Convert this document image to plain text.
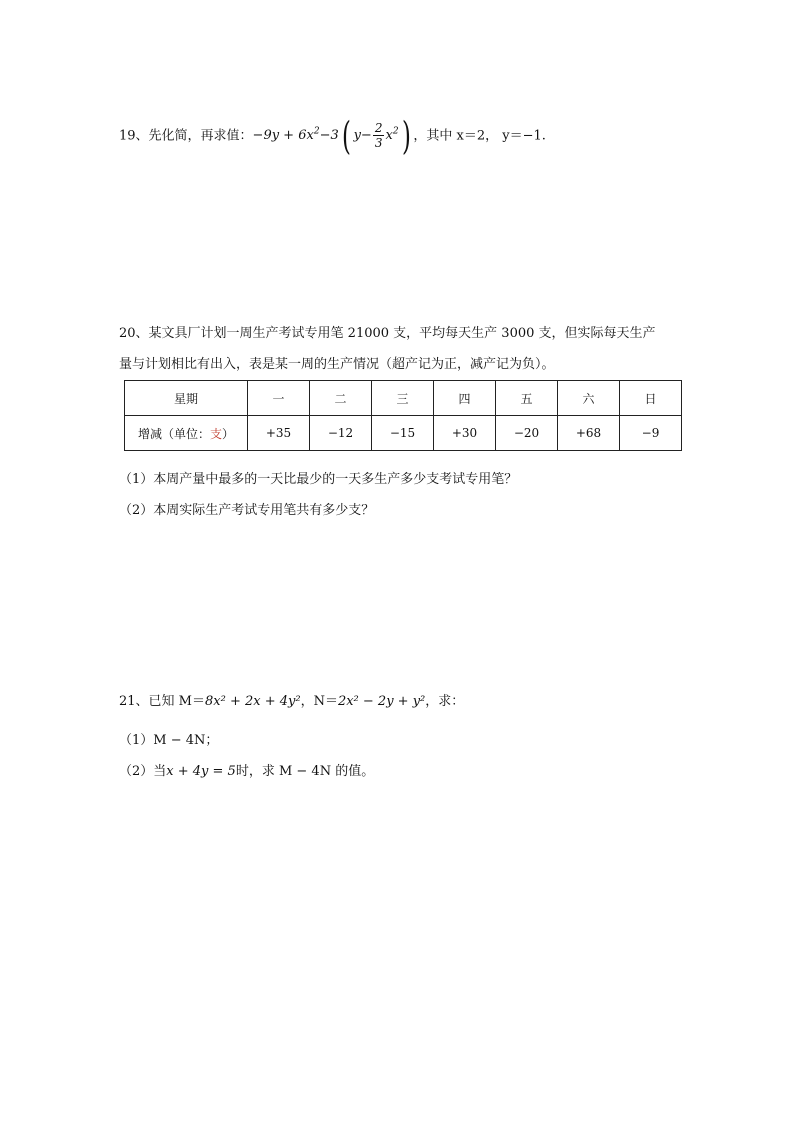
19、先化简，再求值：$-9y + 6x^2-3$( $y- \frac{2}{3} x^2$) ，其中 x＝2， y＝−1.
20、某文具厂计划一周生产考试专用笔 21000 支，平均每天生产 3000 支，但实际每天生产
量与计划相比有出入，表是某一周的生产情况（超产记为正，减产记为负）。
星期	一	二	三	四	五	六	日
增减（单位：支）	+35	−12	−15	+30	−20	+68	−9
（1）本周产量中最多的一天比最少的一天多生产多少支考试专用笔？
（2）本周实际生产考试专用笔共有多少支？
21、已知 M＝8x² + 2x + 4y²，N＝2x² − 2y + y²，求：
（1）M − 4N；
（2）当x + 4y = 5时，求 M − 4N 的值。
